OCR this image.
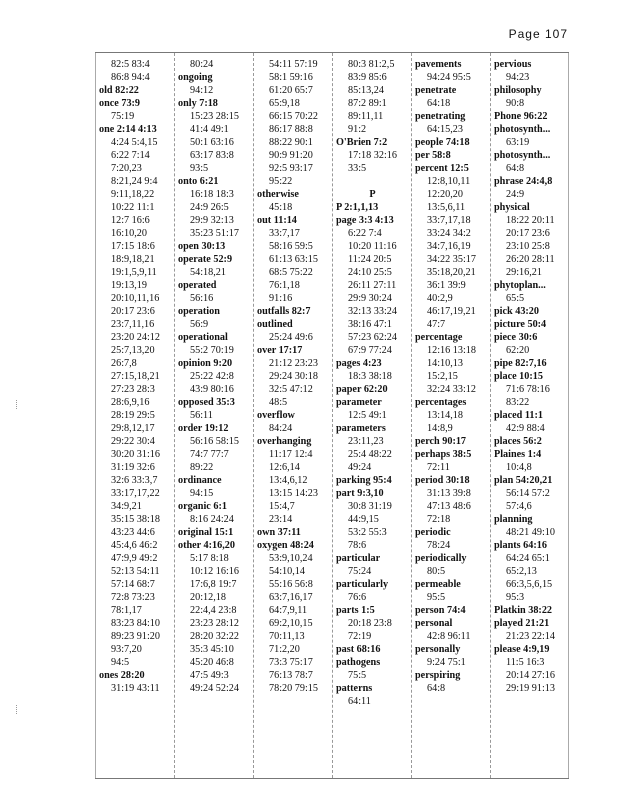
Page 107
82:5 83:4
86:8 94:4
old 82:22
once 73:9
75:19
one 2:14 4:13
4:24 5:4,15
6:22 7:14
7:20,23
8:21,24 9:4
9:11,18,22
10:22 11:1
12:7 16:6
16:10,20
17:15 18:6
18:9,18,21
19:1,5,9,11
19:13,19
20:10,11,16
20:17 23:6
23:7,11,16
23:20 24:12
25:7,13,20
26:7,8
27:15,18,21
27:23 28:3
28:6,9,16
28:19 29:5
29:8,12,17
29:22 30:4
30:20 31:16
31:19 32:6
32:6 33:3,7
33:17,17,22
34:9,21
35:15 38:18
43:23 44:6
45:4,6 46:2
47:9,9 49:2
52:13 54:11
57:14 68:7
72:8 73:23
78:1,17
83:23 84:10
89:23 91:20
93:7,20
94:5
ones 28:20
31:19 43:11
80:24
ongoing
94:12
only 7:18
15:23 28:15
41:4 49:1
50:1 63:16
63:17 83:8
93:5
onto 6:21
16:18 18:3
24:9 26:5
29:9 32:13
35:23 51:17
open 30:13
operate 52:9
54:18,21
operated
56:16
operation
56:9
operational
55:2 70:19
opinion 9:20
25:22 42:8
43:9 80:16
opposed 35:3
56:11
order 19:12
56:16 58:15
74:7 77:7
89:22
ordinance
94:15
organic 6:1
8:16 24:24
original 15:1
other 4:16,20
5:17 8:18
10:12 16:16
17:6,8 19:7
20:12,18
22:4,4 23:8
23:23 28:12
28:20 32:22
35:3 45:10
45:20 46:8
47:5 49:3
49:24 52:24
54:11 57:19
58:1 59:16
61:20 65:7
65:9,18
66:15 70:22
86:17 88:8
88:22 90:1
90:9 91:20
92:5 93:17
95:22
otherwise
45:18
out 11:14
33:7,17
58:16 59:5
61:13 63:15
68:5 75:22
76:1,18
91:16
outfalls 82:7
outlined
25:24 49:6
over 17:17
21:12 23:23
29:24 30:18
32:5 47:12
48:5
overflow
84:24
overhanging
11:17 12:4
12:6,14
13:4,6,12
13:15 14:23
15:4,7
23:14
own 37:11
oxygen 48:24
53:9,10,24
54:10,14
55:16 56:8
63:7,16,17
64:7,9,11
69:2,10,15
70:11,13
71:2,20
73:3 75:17
76:13 78:7
78:20 79:15
80:3 81:2,5
83:9 85:6
85:13,24
87:2 89:1
89:11,11
91:2
O'Brien 7:2
17:18 32:16
33:5
P
P 2:1,1,13
page 3:3 4:13
6:22 7:4
10:20 11:16
11:24 20:5
24:10 25:5
26:11 27:11
29:9 30:24
32:13 33:24
38:16 47:1
57:23 62:24
67:9 77:24
pages 4:23
18:3 38:18
paper 62:20
parameter
12:5 49:1
parameters
23:11,23
25:4 48:22
49:24
parking 95:4
part 9:3,10
30:8 31:19
44:9,15
53:2 55:3
78:6
particular
75:24
particularly
76:6
parts 1:5
20:18 23:8
72:19
past 68:16
pathogens
75:5
patterns
64:11
pavements
94:24 95:5
penetrate
64:18
penetrating
64:15,23
people 74:18
per 58:8
percent 12:5
12:8,10,11
12:20,20
13:5,6,11
33:7,17,18
33:24 34:2
34:7,16,19
34:22 35:17
35:18,20,21
36:1 39:9
40:2,9
46:17,19,21
47:7
percentage
12:16 13:18
14:10,13
15:2,15
32:24 33:12
percentages
13:14,18
14:8,9
perch 90:17
perhaps 38:5
72:11
period 30:18
31:13 39:8
47:13 48:6
72:18
periodic
78:24
periodically
80:5
permeable
95:5
person 74:4
personal
42:8 96:11
personally
9:24 75:1
perspiring
64:8
pervious
94:23
philosophy
90:8
Phone 96:22
photosynth...
63:19
photosynth...
64:8
phrase 24:4,8
24:9
physical
18:22 20:11
20:17 23:6
23:10 25:8
26:20 28:11
29:16,21
phytoplan...
65:5
pick 43:20
picture 50:4
piece 30:6
62:20
pipe 82:7,16
place 10:15
71:6 78:16
83:22
placed 11:1
42:9 88:4
places 56:2
Plaines 1:4
10:4,8
plan 54:20,21
56:14 57:2
57:4,6
planning
48:21 49:10
plants 64:16
64:24 65:1
65:2,13
66:3,5,6,15
95:3
Platkin 38:22
played 21:21
21:23 22:14
please 4:9,19
11:5 16:3
20:14 27:16
29:19 91:13
